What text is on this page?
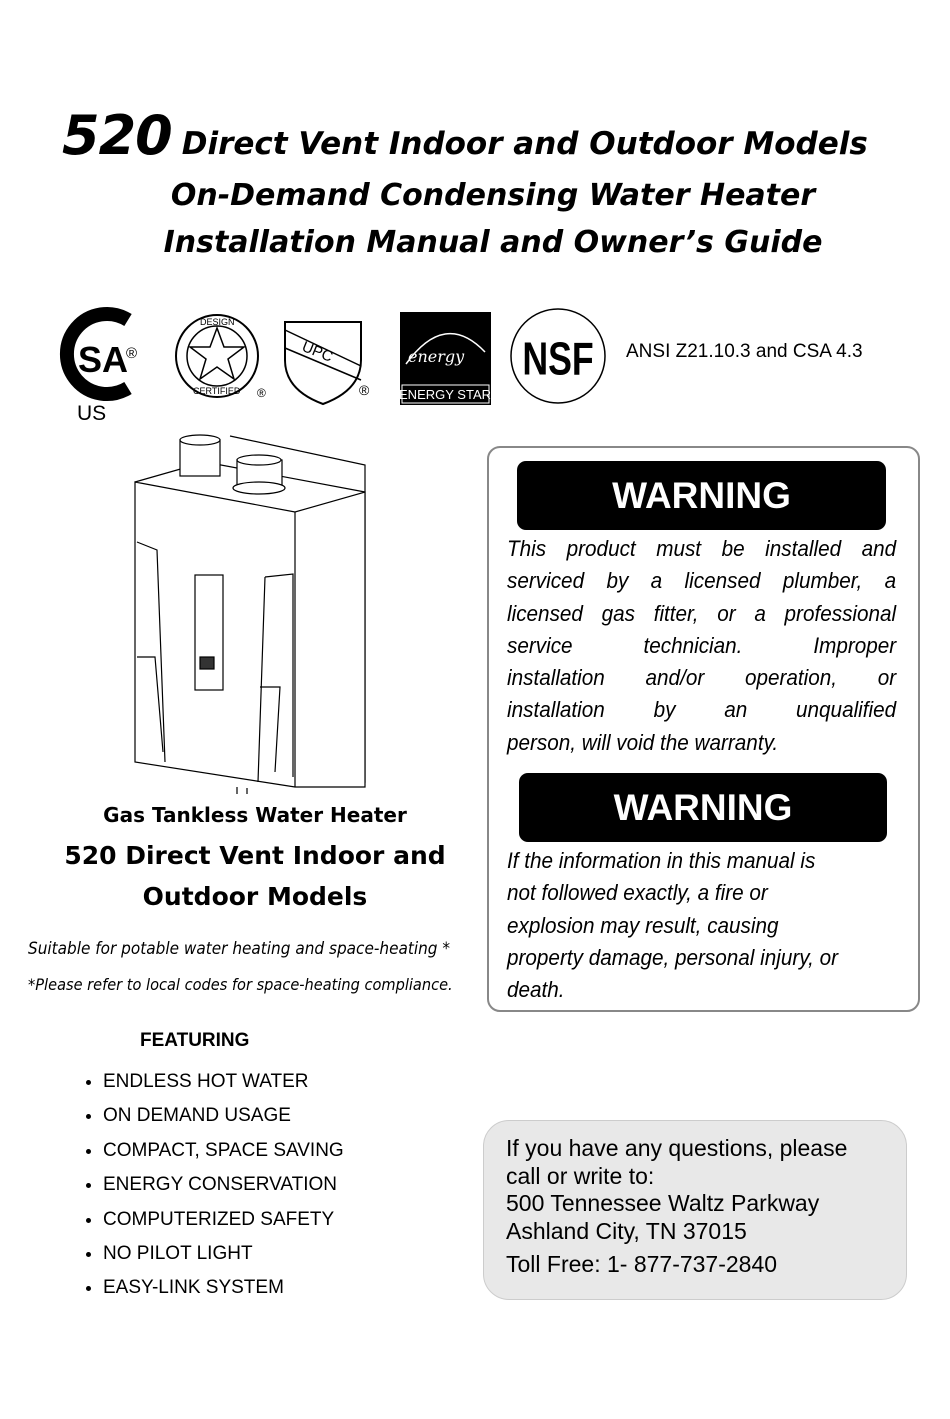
520 Direct Vent Indoor and Outdoor Models
On-Demand Condensing Water Heater
Installation Manual and Owner’s Guide
SA
®
US
DESIGN
CERTIFIED ®
UPC
®
energy
ENERGY STAR
NSF ANSI Z21.10.3 and CSA 4.3
Gas Tankless Water Heater
520 Direct Vent Indoor and
Outdoor Models
Suitable for potable water heating and space-heating *
*Please refer to local codes for space-heating compliance.
FEATURING
• ENDLESS HOT WATER
• ON DEMAND USAGE
• COMPACT, SPACE SAVING
• ENERGY CONSERVATION
• COMPUTERIZED SAFETY
• NO PILOT LIGHT
• EASY-LINK SYSTEM
WARNING
This product must be installed and
serviced by a licensed plumber, a
licensed gas fitter, or a professional
service technician. Improper
installation and/or operation, or
installation by an unqualified
person, will void the warranty.
WARNING
If the information in this manual is
not followed exactly, a fire or
explosion may result, causing
property damage, personal injury, or
death.
If you have any questions, please
call or write to:
500 Tennessee Waltz Parkway
Ashland City, TN 37015
Toll Free: 1- 877-737-2840
